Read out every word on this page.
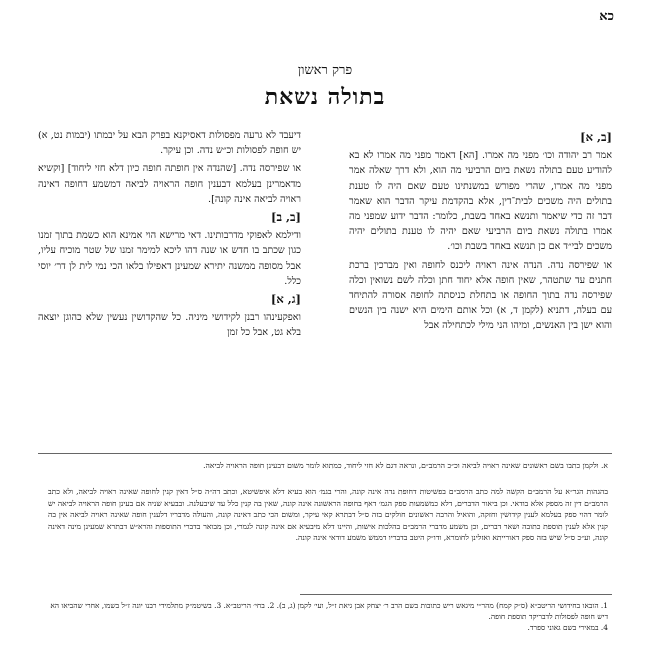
כא
פרק ראשון
בתולה נשאת
[ב, א]

אמר רב יהודה וכו׳ מפני מה אמרו. [הא] דאמר מפני מה אמרו לא בא להודיע טעם בתולה נשאת ביום הרביעי מה הוא, ולא דרך שאלה אמר מפני מה אמרו, שהרי מפורש במשנתינו טעם שאם היה לו טענת בתולים היה משכים לבית־דין, אלא בהקדמת עיקר הדבר הוא שאמר דבר זה כדי שיאמר ותנשא באחד בשבת, כלומר: הדבר ידוע שמפני מה אמרו בתולה נשאת ביום הרביעי שאם יהיה לו טענת בתולים יהיה משכים לבי״ד אם כן תנשא באחד בשבת וכו׳.

או שפירסה נדה. הנדה אינה ראויה ליכנס לחופה ואין מברכין ברכת חתנים עד שתטהר, שאין חופה אלא יחוד חתן וכלה לשם נשואין וכלה שפירסה נדה בתוך החופה או בתחלת כניסתה לחופה אסורה להתיחד עם בעלה, דתניא (לקמן ד, א) וכל אותם הימים היא ישנה בין הנשים והוא ישן בין האנשים, ומיהו הני מילי לכתחילה אבל

דיעבד לא גרעה מפסולות דאסיקנא בפרק הבא על יבמתו (יבמות נט, א) יש חופה לפסולות וכ״ש נדה. וכן עיקר.

או שפירסה נדה. [שהנדה אין חופתה חופה כיון דלא חזי ליחוד] [וקשיא מדאמרינן בעלמא דבענין חופה הראויה לביאה דמשמע דחופה דאינה ראויה לביאה אינה קונה].

[ב, ב]

ודילמא לאפוקי מדרבותינו. דאי מרישא הוי אמינא הוא כשמת בתוך זמנו כגון שכתב בו חדש או שנה דהו ליכא למימר זמנו של שטר מוכיח עליו, אבל מסופה ממשנה יתירא שמעינן דאפילו בלאו הכי נמי לית לן דר׳ יוסי כלל.

[ג, א]

ואפקעינהו רבנן לקידושי מיניה. כל שהקדושין נעשין שלא כהוגן יוצאה בלא גט, אבל כל זמן

א. ולקמן כתבו בשם ראשונים שאינה ראויה לביאה וכ״כ הרמב״ם, ונראה דגם לא חזי ליחוד, כמתוא לומר משום דבעינן חופה הראויה לביאה.

בהגהות הגר״א על הרמב״ם הקשה למה כתב הרמב״ם בפשיטות דחופת נדה אינה קונה, והרי בגמ׳ הוא בעיא דלא איפשיטא, וכתב דה״ה ס״ל דאין קנין לחופה שאינה ראויה לביאה, ולא כתב הרמב״ם דין זה מספק אלא בודאי. וכן ביאור הדברים, דלא כמשמעות ספק הגמ׳ דאף בחופה הראשונה אינה קונה, שאין בה קנין כלל עד שיבעלנה. ובבעיא שניה אם בעינן חופה הראויה לביאה יש לומר דהוי ספק בעלמא לענין קידושין וחזקה, והואיל והרבה ראשונים חולקים בזה ס״ל דבתרא קאי עיקר, ומשום הכי כתב דאינה קונה, והעולה מדבריו דלענין חופה שאינה ראויה לביאה אין בה קנין אלא לענין תוספת כתובה ושאר דברים, וכן משמע מדברי הרמב״ם בהלכות אישות, והיינו דלא מיבעיא אם אינה קונה לגמרי, וכן מבואר בדברי התוספות והרא״ש דבתרא שמעינן מינה דאינה קונה, וע״כ ס״ל שיש בזה ספק דאורייתא ואזלינן לחומרא, ודו״ק היטב בדבריו דממש משמע דודאי אינה קונה.

1. הובאו בחידושי הריטב״א (ס״ק קמח) מהר״י מיגאש ריש כתובות בשם הרב ר׳ יצחק אבן גיאת ז״ל, ועי׳ לקמן (ג, ב). 2. בחי׳ הריטב״א. 3. בשיטמ״ק מתלמידי רבנו יונה ז״ל בשמו, אחרי שהביאו הא דיש חופה לפסולות לדבריקד תוספת חופה.

4. במאירי בשם גאוני ספרד.
